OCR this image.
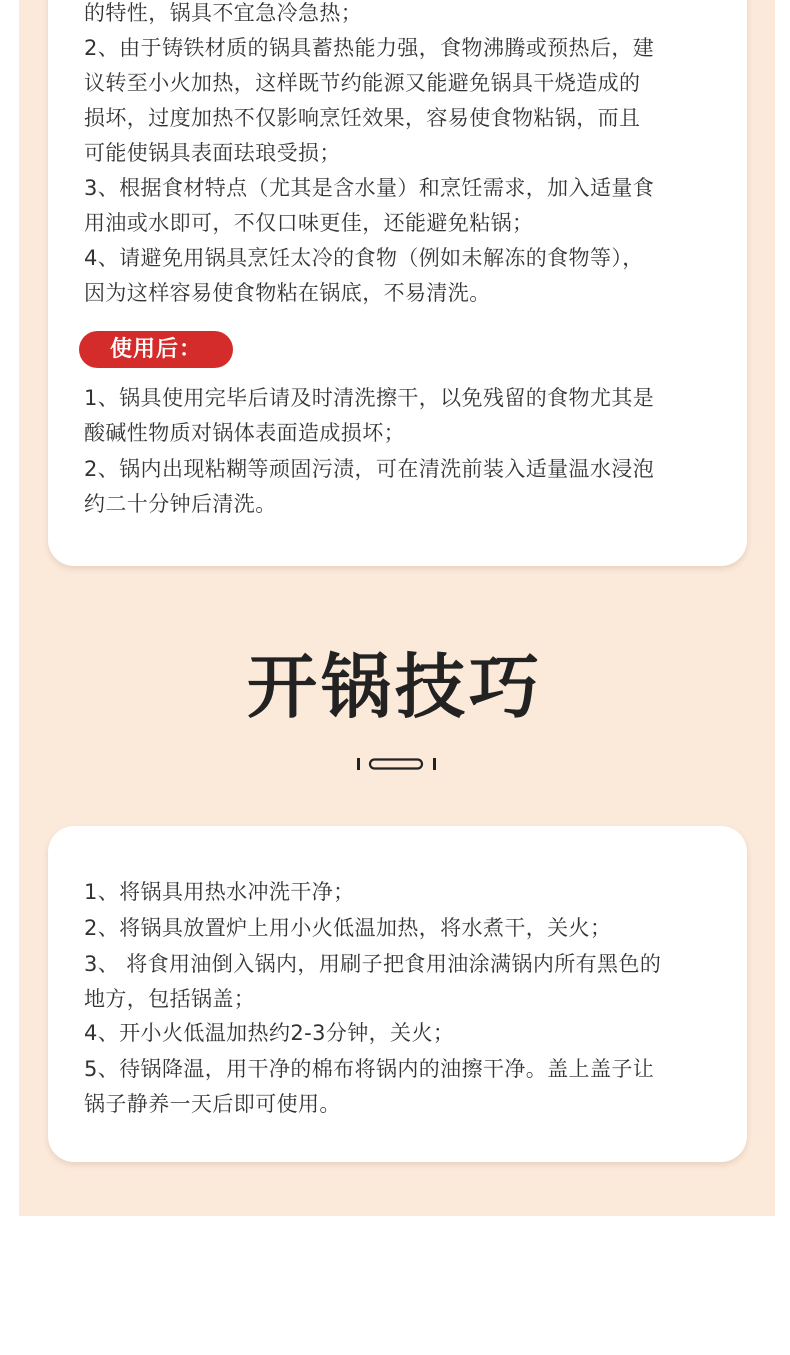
的特性，锅具不宜急冷急热；
2、由于铸铁材质的锅具蓄热能力强，食物沸腾或预热后，建
议转至小火加热，这样既节约能源又能避免锅具干烧造成的
损坏，过度加热不仅影响烹饪效果，容易使食物粘锅，而且
可能使锅具表面珐琅受损；
3、根据食材特点（尤其是含水量）和烹饪需求，加入适量食
用油或水即可，不仅口味更佳，还能避免粘锅；
4、请避免用锅具烹饪太冷的食物（例如未解冻的食物等），
因为这样容易使食物粘在锅底，不易清洗。
使用后：
1、锅具使用完毕后请及时清洗擦干，以免残留的食物尤其是
酸碱性物质对锅体表面造成损坏；
2、锅内出现粘糊等顽固污渍，可在清洗前装入适量温水浸泡
约二十分钟后清洗。
开锅技巧
1、将锅具用热水冲洗干净；
2、将锅具放置炉上用小火低温加热，将水煮干，关火；
3、 将食用油倒入锅内，用刷子把食用油涂满锅内所有黑色的
地方，包括锅盖；
4、开小火低温加热约2-3分钟，关火；
5、待锅降温，用干净的棉布将锅内的油擦干净。盖上盖子让
锅子静养一天后即可使用。
